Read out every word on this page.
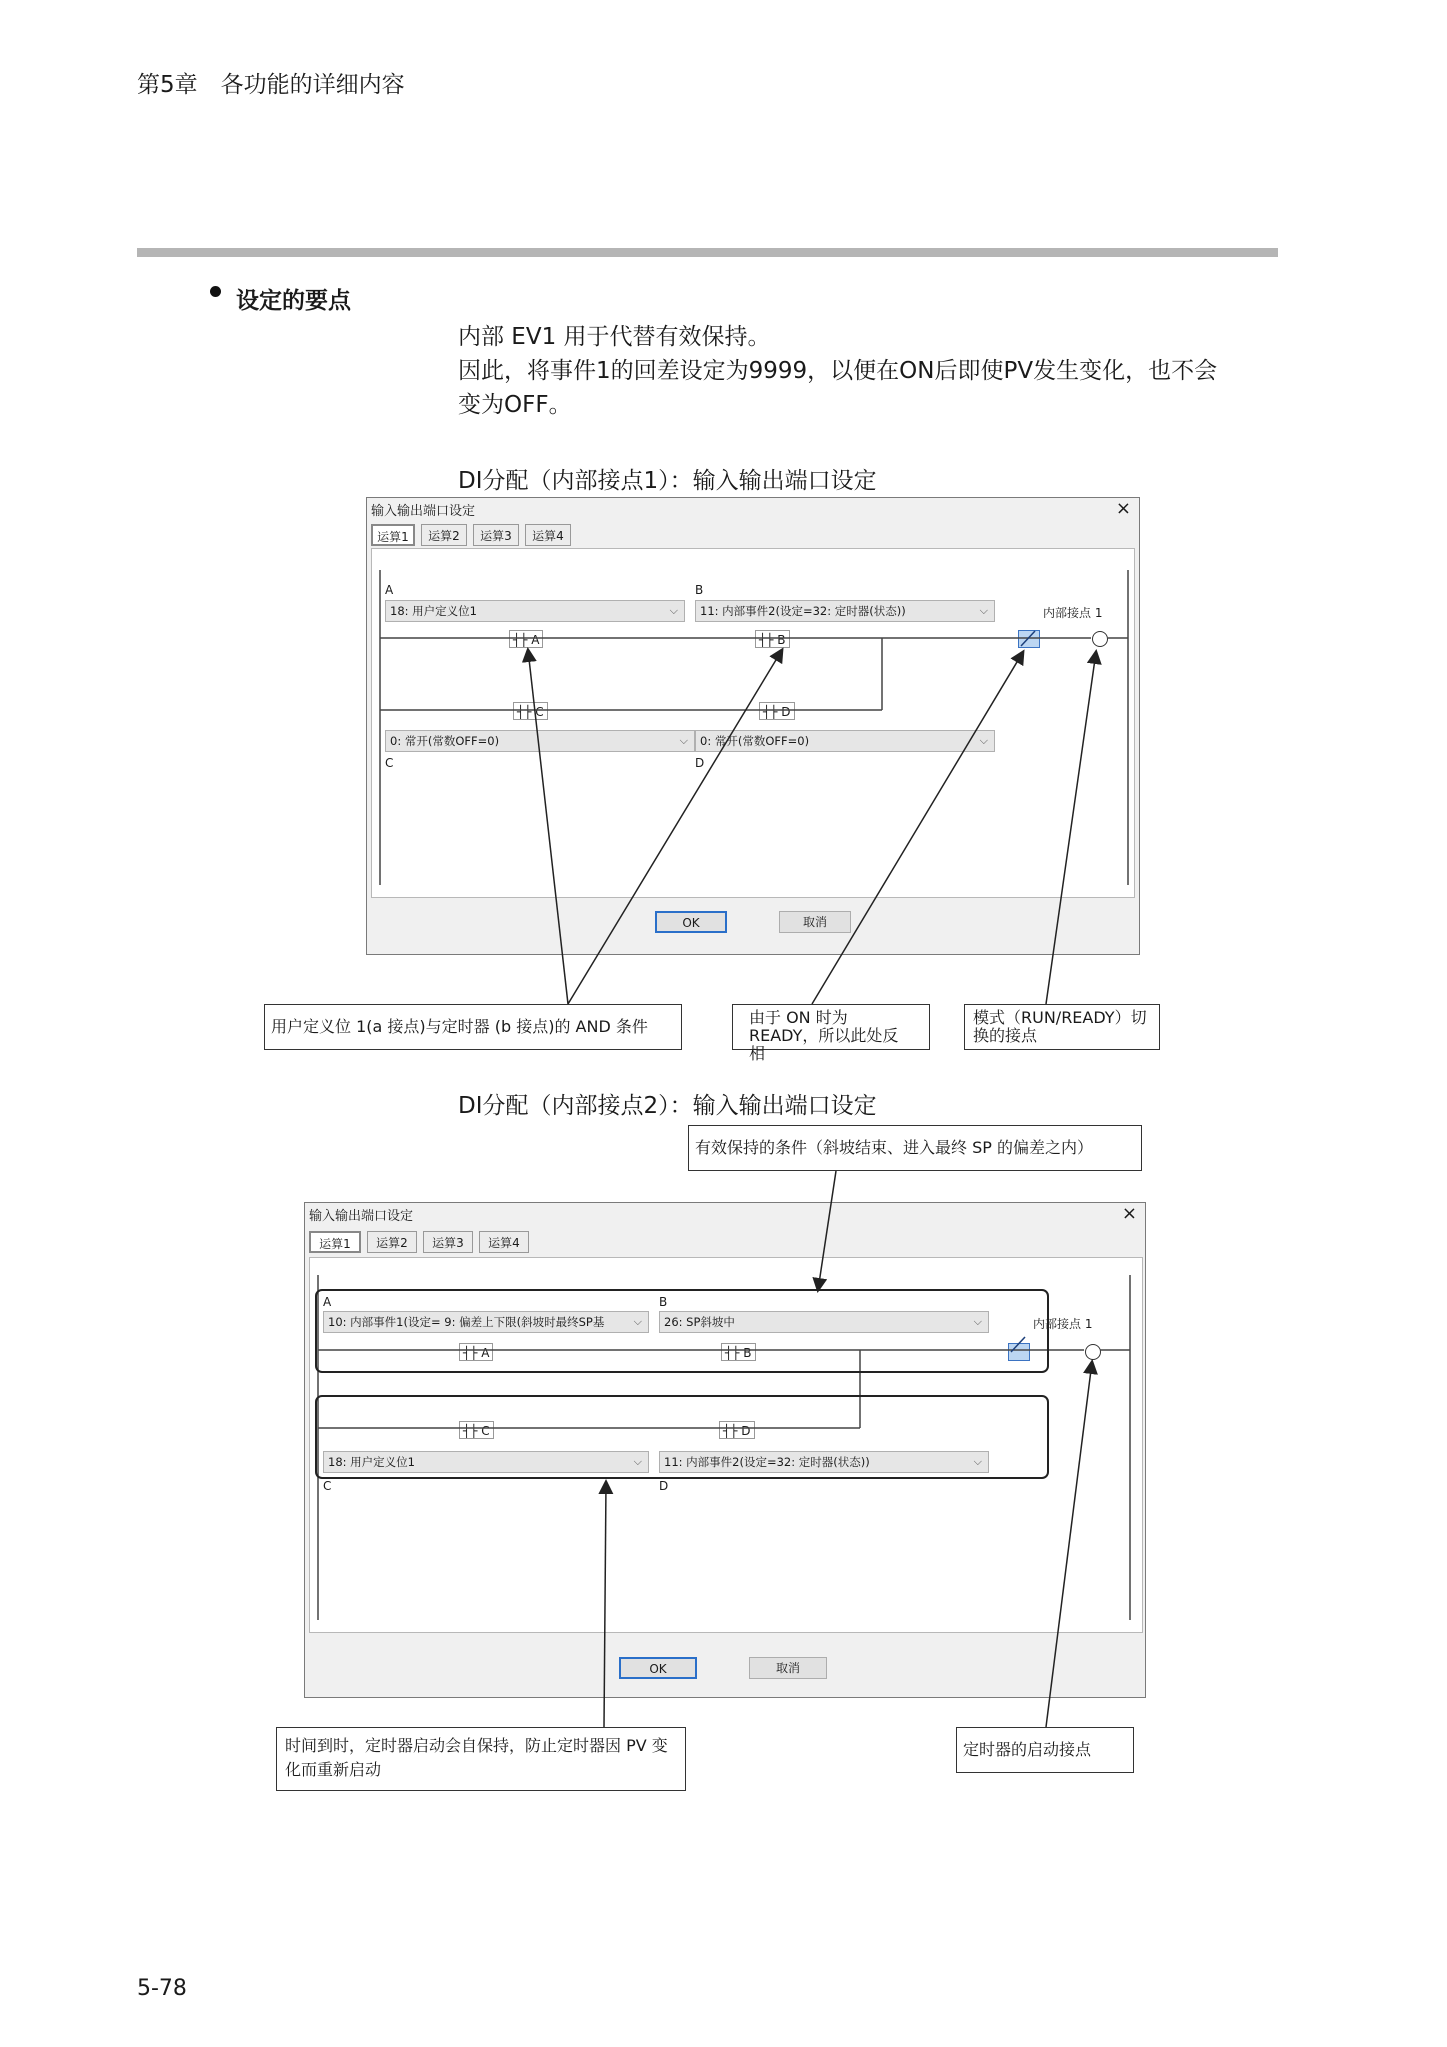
第5章　各功能的详细内容
设定的要点
内部 EV1 用于代替有效保持。
因此，将事件1的回差设定为9999，以便在ON后即使PV发生变化，也不会
变为OFF。
DI分配（内部接点1）：输入输出端口设定
输入输出端口设定	×
运算1	运算2	运算3	运算4
A	B
18: 用户定义位1	⌵	11: 内部事件2(设定=32: 定时器(状态))	⌵	内部接点 1
┤├ A	┤├ B
┤├ C	┤├ D
0: 常开(常数OFF=0)	⌵	0: 常开(常数OFF=0)	⌵
C	D
OK	取消
用户定义位 1(a 接点)与定时器 (b 接点)的 AND 条件	由于 ON 时为 READY，所以此处反相
模式（RUN/READY）切换的接点
DI分配（内部接点2）：输入输出端口设定
有效保持的条件（斜坡结束、进入最终 SP 的偏差之内）
输入输出端口设定	×
运算1	运算2	运算3	运算4
A	B
10: 内部事件1(设定= 9: 偏差上下限(斜坡时最终SP基	⌵	26: SP斜坡中	⌵	内部接点 1
┤├ A	┤├ B
┤├ C	┤├ D
18: 用户定义位1	⌵	11: 内部事件2(设定=32: 定时器(状态))	⌵
C	D
OK	取消
时间到时，定时器启动会自保持，防止定时器因 PV 变化而重新启动
定时器的启动接点
5-78
